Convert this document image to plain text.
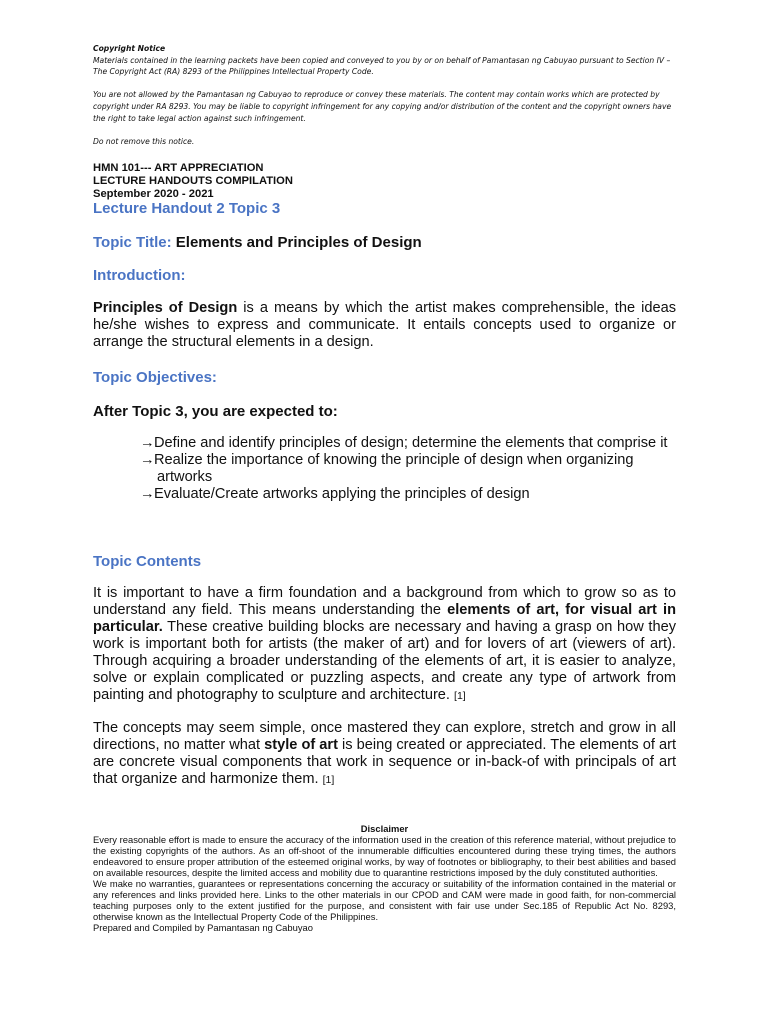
Copyright Notice

Materials contained in the learning packets have been copied and conveyed to you by or on behalf of Pamantasan ng Cabuyao pursuant to Section IV – The Copyright Act (RA) 8293 of the Philippines Intellectual Property Code.

You are not allowed by the Pamantasan ng Cabuyao to reproduce or convey these materials. The content may contain works which are protected by copyright under RA 8293. You may be liable to copyright infringement for any copying and/or distribution of the content and the copyright owners have the right to take legal action against such infringement.

Do not remove this notice.

HMN 101--- ART APPRECIATION
LECTURE HANDOUTS COMPILATION
September 2020 - 2021
Lecture Handout 2 Topic 3
Topic Title: Elements and Principles of Design
Introduction:

Principles of Design is a means by which the artist makes comprehensible, the ideas he/she wishes to express and communicate. It entails concepts used to organize or arrange the structural elements in a design.

Topic Objectives:
After Topic 3, you are expected to:
→Define and identify principles of design; determine the elements that comprise it
→Realize the importance of knowing the principle of design when organizing artworks
→Evaluate/Create artworks applying the principles of design
Topic Contents

It is important to have a firm foundation and a background from which to grow so as to understand any field. This means understanding the elements of art, for visual art in particular. These creative building blocks are necessary and having a grasp on how they work is important both for artists (the maker of art) and for lovers of art (viewers of art). Through acquiring a broader understanding of the elements of art, it is easier to analyze, solve or explain complicated or puzzling aspects, and create any type of artwork from painting and photography to sculpture and architecture. [1]

The concepts may seem simple, once mastered they can explore, stretch and grow in all directions, no matter what style of art is being created or appreciated. The elements of art are concrete visual components that work in sequence or in-back-of with principals of art that organize and harmonize them. [1]

Disclaimer

Every reasonable effort is made to ensure the accuracy of the information used in the creation of this reference material, without prejudice to the existing copyrights of the authors. As an off-shoot of the innumerable difficulties encountered during these trying times, the authors endeavored to ensure proper attribution of the esteemed original works, by way of footnotes or bibliography, to their best abilities and based on available resources, despite the limited access and mobility due to quarantine restrictions imposed by the duly constituted authorities.

We make no warranties, guarantees or representations concerning the accuracy or suitability of the information contained in the material or any references and links provided here. Links to the other materials in our CPOD and CAM were made in good faith, for non-commercial teaching purposes only to the extent justified for the purpose, and consistent with fair use under Sec.185 of Republic Act No. 8293, otherwise known as the Intellectual Property Code of the Philippines.

Prepared and Compiled by Pamantasan ng Cabuyao
